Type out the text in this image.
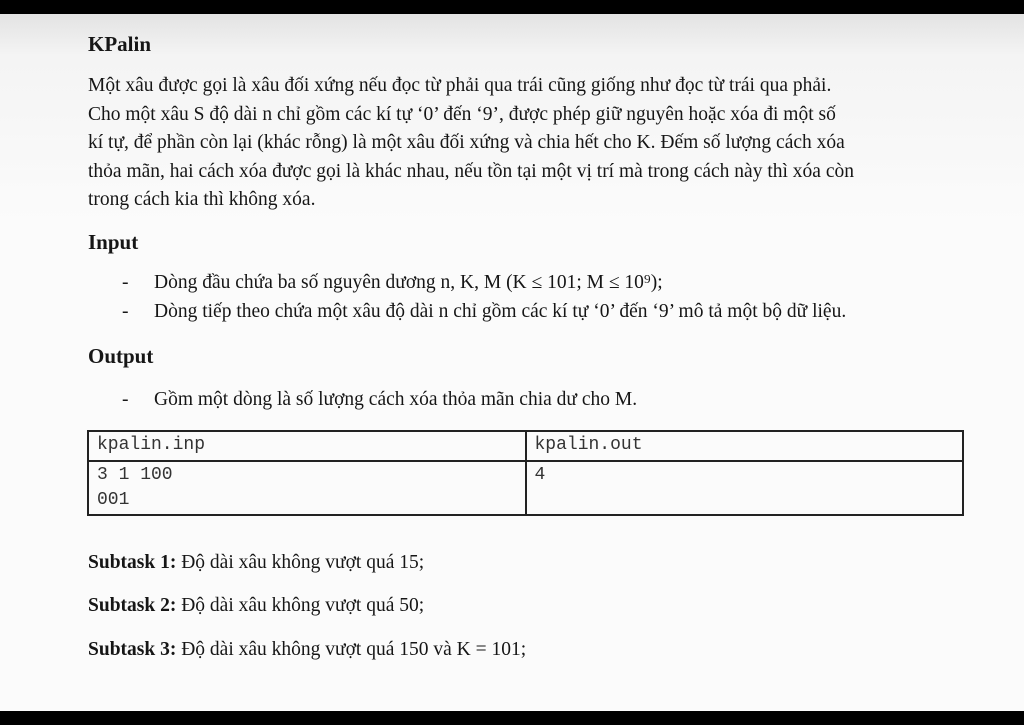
KPalin
Một xâu được gọi là xâu đối xứng nếu đọc từ phải qua trái cũng giống như đọc từ trái qua phải.
Cho một xâu S độ dài n chỉ gồm các kí tự ‘0’ đến ‘9’, được phép giữ nguyên hoặc xóa đi một số
kí tự, để phần còn lại (khác rỗng) là một xâu đối xứng và chia hết cho K. Đếm số lượng cách xóa
thỏa mãn, hai cách xóa được gọi là khác nhau, nếu tồn tại một vị trí mà trong cách này thì xóa còn
trong cách kia thì không xóa.
Input
- Dòng đầu chứa ba số nguyên dương n, K, M (K ≤ 101; M ≤ 10⁹);
- Dòng tiếp theo chứa một xâu độ dài n chỉ gồm các kí tự ‘0’ đến ‘9’ mô tả một bộ dữ liệu.
Output
- Gồm một dòng là số lượng cách xóa thỏa mãn chia dư cho M.
kpalin.inp	kpalin.out

3 1 100
001	4
Subtask 1: Độ dài xâu không vượt quá 15;
Subtask 2: Độ dài xâu không vượt quá 50;
Subtask 3: Độ dài xâu không vượt quá 150 và K = 101;
